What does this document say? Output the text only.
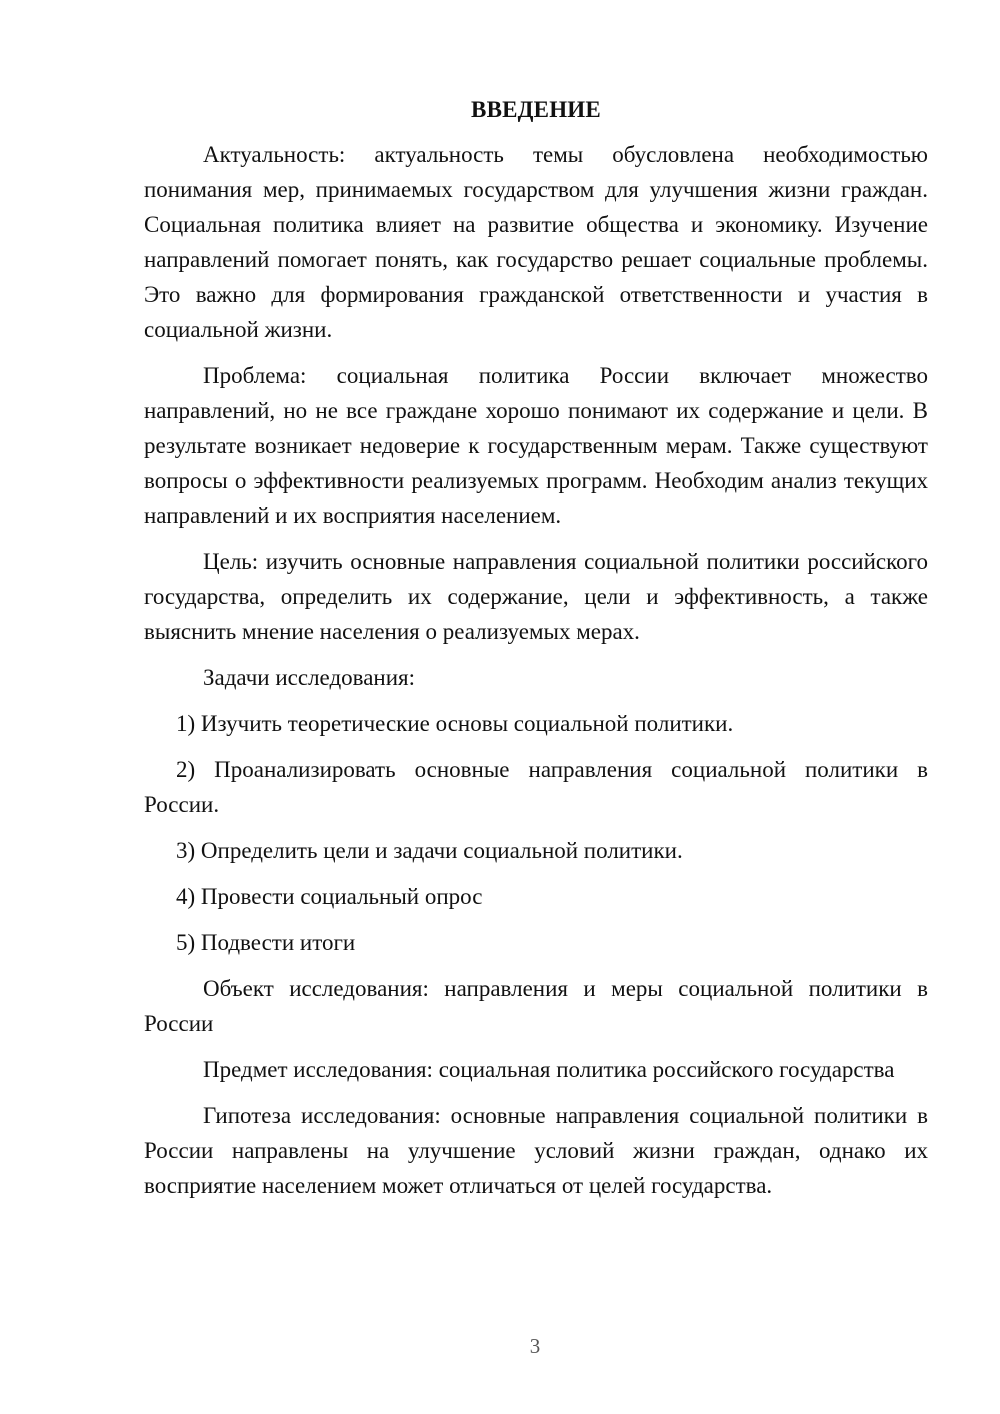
ВВЕДЕНИЕ
Актуальность: актуальность темы обусловлена необходимостью понимания мер, принимаемых государством для улучшения жизни граждан. Социальная политика влияет на развитие общества и экономику. Изучение направлений помогает понять, как государство решает социальные проблемы. Это важно для формирования гражданской ответственности и участия в социальной жизни.
Проблема: социальная политика России включает множество направлений, но не все граждане хорошо понимают их содержание и цели. В результате возникает недоверие к государственным мерам. Также существуют вопросы о эффективности реализуемых программ. Необходим анализ текущих направлений и их восприятия населением.
Цель: изучить основные направления социальной политики российского государства, определить их содержание, цели и эффективность, а также выяснить мнение населения о реализуемых мерах.
Задачи исследования:
1) Изучить теоретические основы социальной политики.
2) Проанализировать основные направления социальной политики в России.
3) Определить цели и задачи социальной политики.
4) Провести социальный опрос
5) Подвести итоги
Объект исследования: направления и меры социальной политики в России
Предмет исследования: социальная политика российского государства
Гипотеза исследования: основные направления социальной политики в России направлены на улучшение условий жизни граждан, однако их восприятие населением может отличаться от целей государства.
3
